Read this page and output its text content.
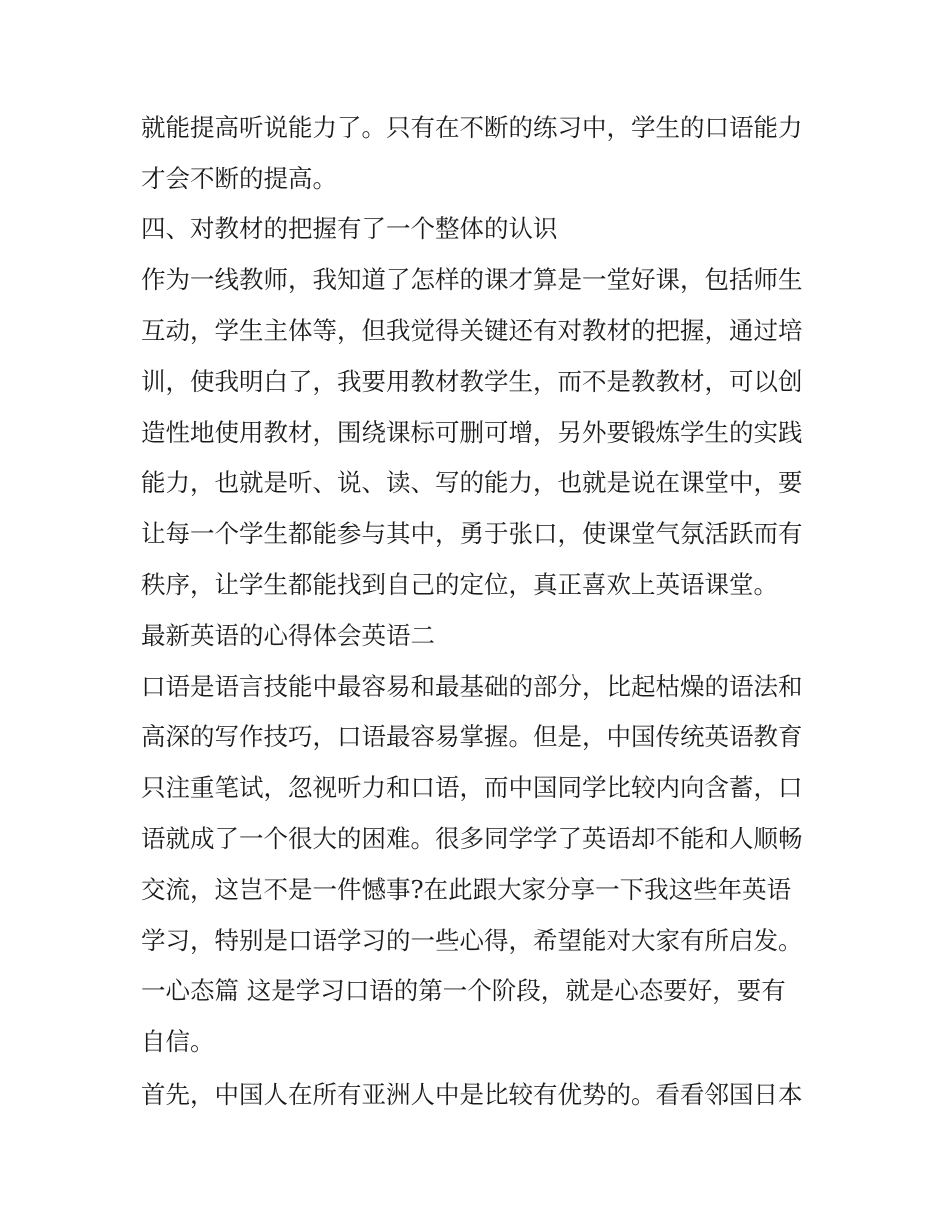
就能提高听说能力了。只有在不断的练习中，学生的口语能力
才会不断的提高。
四、对教材的把握有了一个整体的认识
作为一线教师，我知道了怎样的课才算是一堂好课，包括师生
互动，学生主体等，但我觉得关键还有对教材的把握，通过培
训，使我明白了，我要用教材教学生，而不是教教材，可以创
造性地使用教材，围绕课标可删可增，另外要锻炼学生的实践
能力，也就是听、说、读、写的能力，也就是说在课堂中，要
让每一个学生都能参与其中，勇于张口，使课堂气氛活跃而有
秩序，让学生都能找到自己的定位，真正喜欢上英语课堂。
最新英语的心得体会英语二
口语是语言技能中最容易和最基础的部分，比起枯燥的语法和
高深的写作技巧，口语最容易掌握。但是，中国传统英语教育
只注重笔试，忽视听力和口语，而中国同学比较内向含蓄，口
语就成了一个很大的困难。很多同学学了英语却不能和人顺畅
交流，这岂不是一件憾事?在此跟大家分享一下我这些年英语
学习，特别是口语学习的一些心得，希望能对大家有所启发。
一心态篇 这是学习口语的第一个阶段，就是心态要好，要有
自信。
首先，中国人在所有亚洲人中是比较有优势的。看看邻国日本
